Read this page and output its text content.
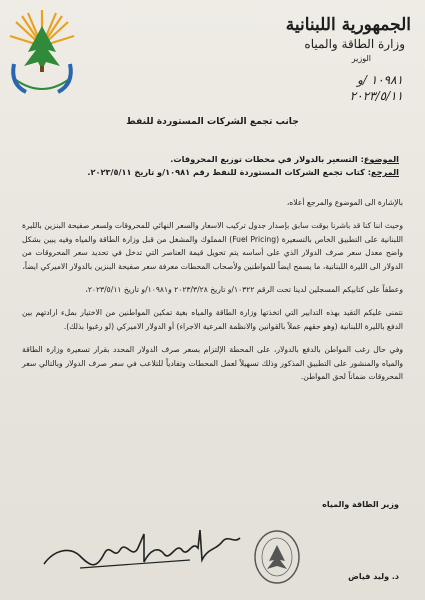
الجمهورية اللبنانية
وزارة الطاقة والمياه
الوزير
١٠٩٨١ /و
٢٠٢٣/٥/١١
جانب تجمع الشركات المستوردة للنفط
الموضوع: التسعير بالدولار في محطات توزيع المحروقات.
المرجع: كتاب تجمع الشركات المستوردة للنفط رقم ١٠٩٨١/و تاريخ ٢٠٢٣/٥/١١.

بالإشارة الى الموضوع والمرجع أعلاه،

وحيث اننا كنا قد باشرنا بوقت سابق بإصدار جدول تركيب الاسعار والسعر النهائي للمحروقات ولسعر صفيحة البنزين بالليرة اللبنانية على التطبيق الخاص بالتسعيرة (Fuel Pricing) المملوك والمشغل من قبل وزارة الطاقة والمياه وفيه يبين بشكل واضح معدل سعر صرف الدولار الذي على أساسه يتم تحويل قيمة العناصر التي تدخل في تحديد سعر المحروقات من الدولار الى الليرة اللبنانية، ما يسمح ايضاً للمواطنين ولأصحاب المحطات معرفة سعر صفيحة البنزين بالدولار الاميركي ايضاً،

وعطفاً على كتابيكم المسجلين لدينا تحت الرقم ١٠٣٢٢/و تاريخ ٢٠٢٣/٣/٢٨ و١٠٩٨١/و تاريخ ٢٠٢٣/٥/١١،

نتمنى عليكم التقيد بهذه التدابير التي اتخذتها وزارة الطاقة والمياه بغية تمكين المواطنين من الاختيار بملء ارادتهم بين الدفع بالليرة اللبنانية (وهو حقهم عملاً بالقوانين والانظمة المرعية الاجراء) أو الدولار الاميركي (لو رغبوا بذلك).

وفي حال رغب المواطن بالدفع بالدولار، على المحطة الإلتزام بسعر صرف الدولار المحدد بقرار تسعيرة وزارة الطاقة والمياه والمنشور على التطبيق المذكور وذلك تسهيلاً لعمل المحطات وتفادياً للتلاعب في سعر صرف الدولار وبالتالي سعر المحروقات ضماناً لحق المواطن.

وزير الطاقة والمياه
د. وليد فياض
